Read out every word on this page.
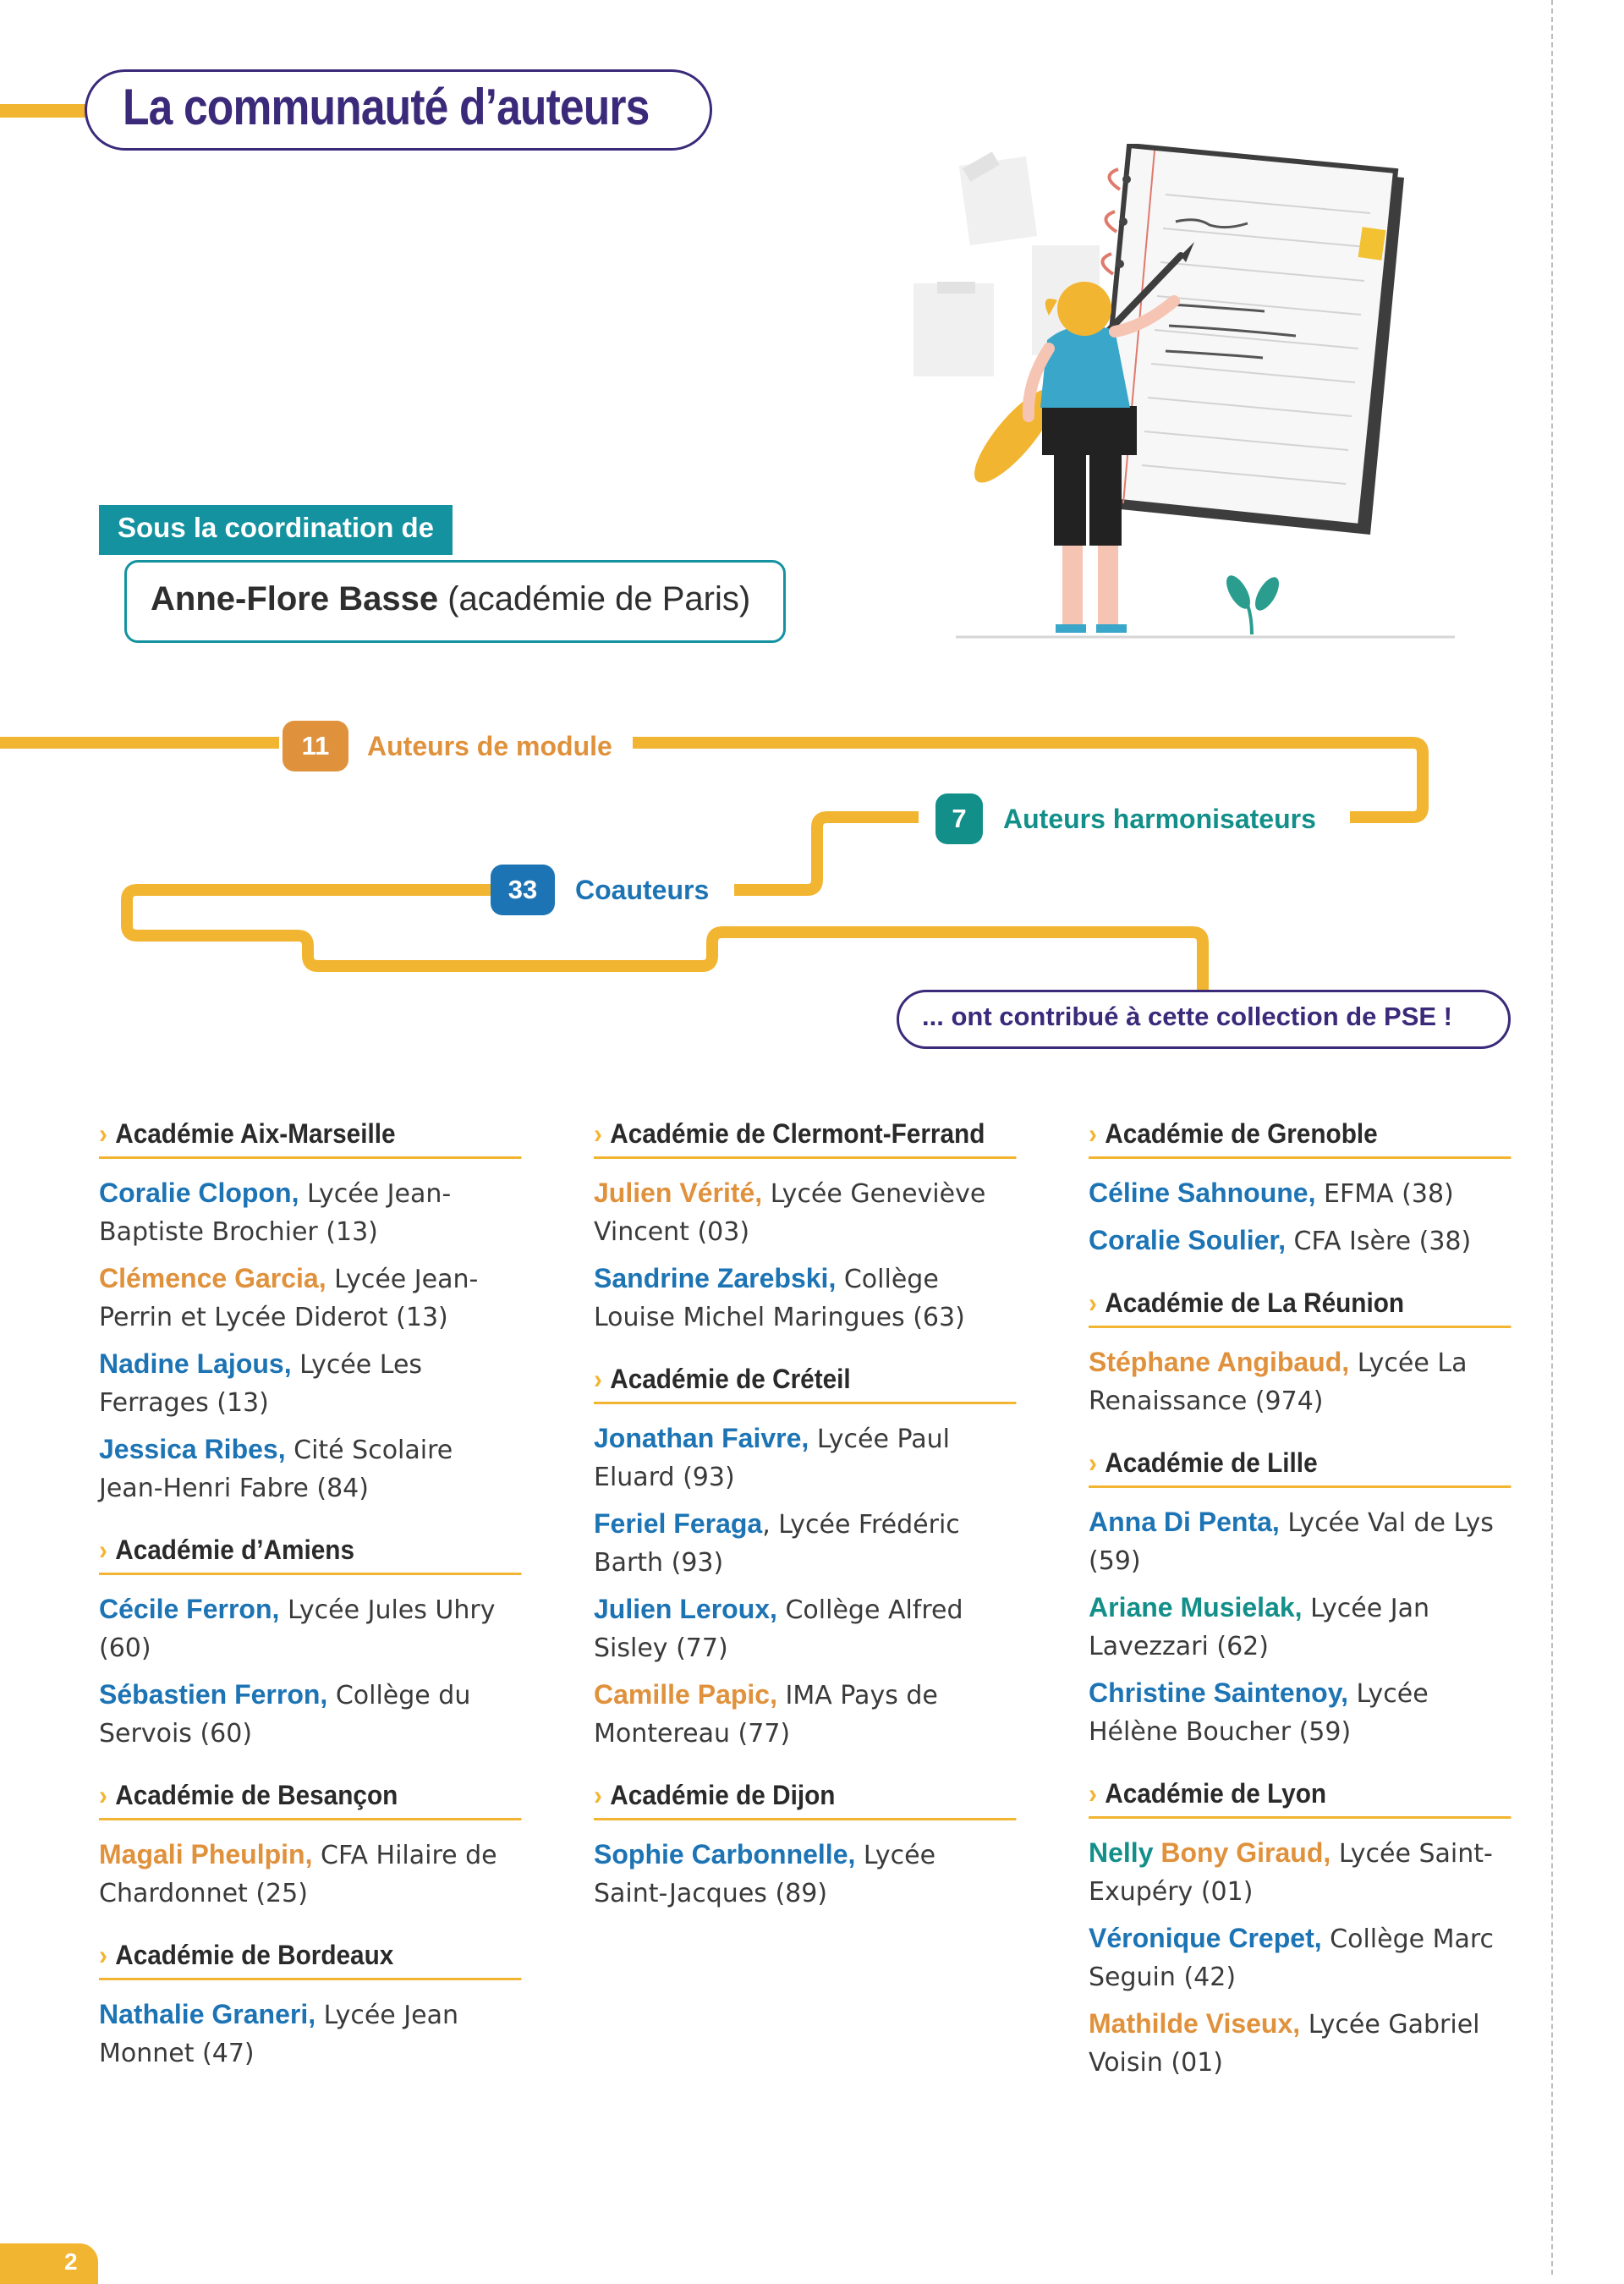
La communauté d’auteurs
Sous la coordination de
Anne-Flore Basse (académie de Paris)
11	Auteurs de module
7	Auteurs harmonisateurs
33	Coauteurs
... ont contribué à cette collection de PSE !
› Académie Aix-Marseille
Coralie Clopon, Lycée Jean-Baptiste Brochier (13)
Clémence Garcia, Lycée Jean-Perrin et Lycée Diderot (13)
Nadine Lajous, Lycée Les Ferrages (13)
Jessica Ribes, Cité Scolaire Jean-Henri Fabre (84)
› Académie d’Amiens
Cécile Ferron, Lycée Jules Uhry (60)
Sébastien Ferron, Collège du Servois (60)
› Académie de Besançon
Magali Pheulpin, CFA Hilaire de Chardonnet (25)
› Académie de Bordeaux
Nathalie Graneri, Lycée Jean Monnet (47)
› Académie de Clermont-Ferrand
Julien Vérité, Lycée Geneviève Vincent (03)
Sandrine Zarebski, Collège Louise Michel Maringues (63)
› Académie de Créteil
Jonathan Faivre, Lycée Paul Eluard (93)
Feriel Feraga, Lycée Frédéric Barth (93)
Julien Leroux, Collège Alfred Sisley (77)
Camille Papic, IMA Pays de Montereau (77)
› Académie de Dijon
Sophie Carbonnelle, Lycée Saint-Jacques (89)
› Académie de Grenoble
Céline Sahnoune, EFMA (38)
Coralie Soulier, CFA Isère (38)
› Académie de La Réunion
Stéphane Angibaud, Lycée La Renaissance (974)
› Académie de Lille
Anna Di Penta, Lycée Val de Lys (59)
Ariane Musielak, Lycée Jan Lavezzari (62)
Christine Saintenoy, Lycée Hélène Boucher (59)
› Académie de Lyon
Nelly Bony Giraud, Lycée Saint-Exupéry (01)
Véronique Crepet, Collège Marc Seguin (42)
Mathilde Viseux, Lycée Gabriel Voisin (01)
2
